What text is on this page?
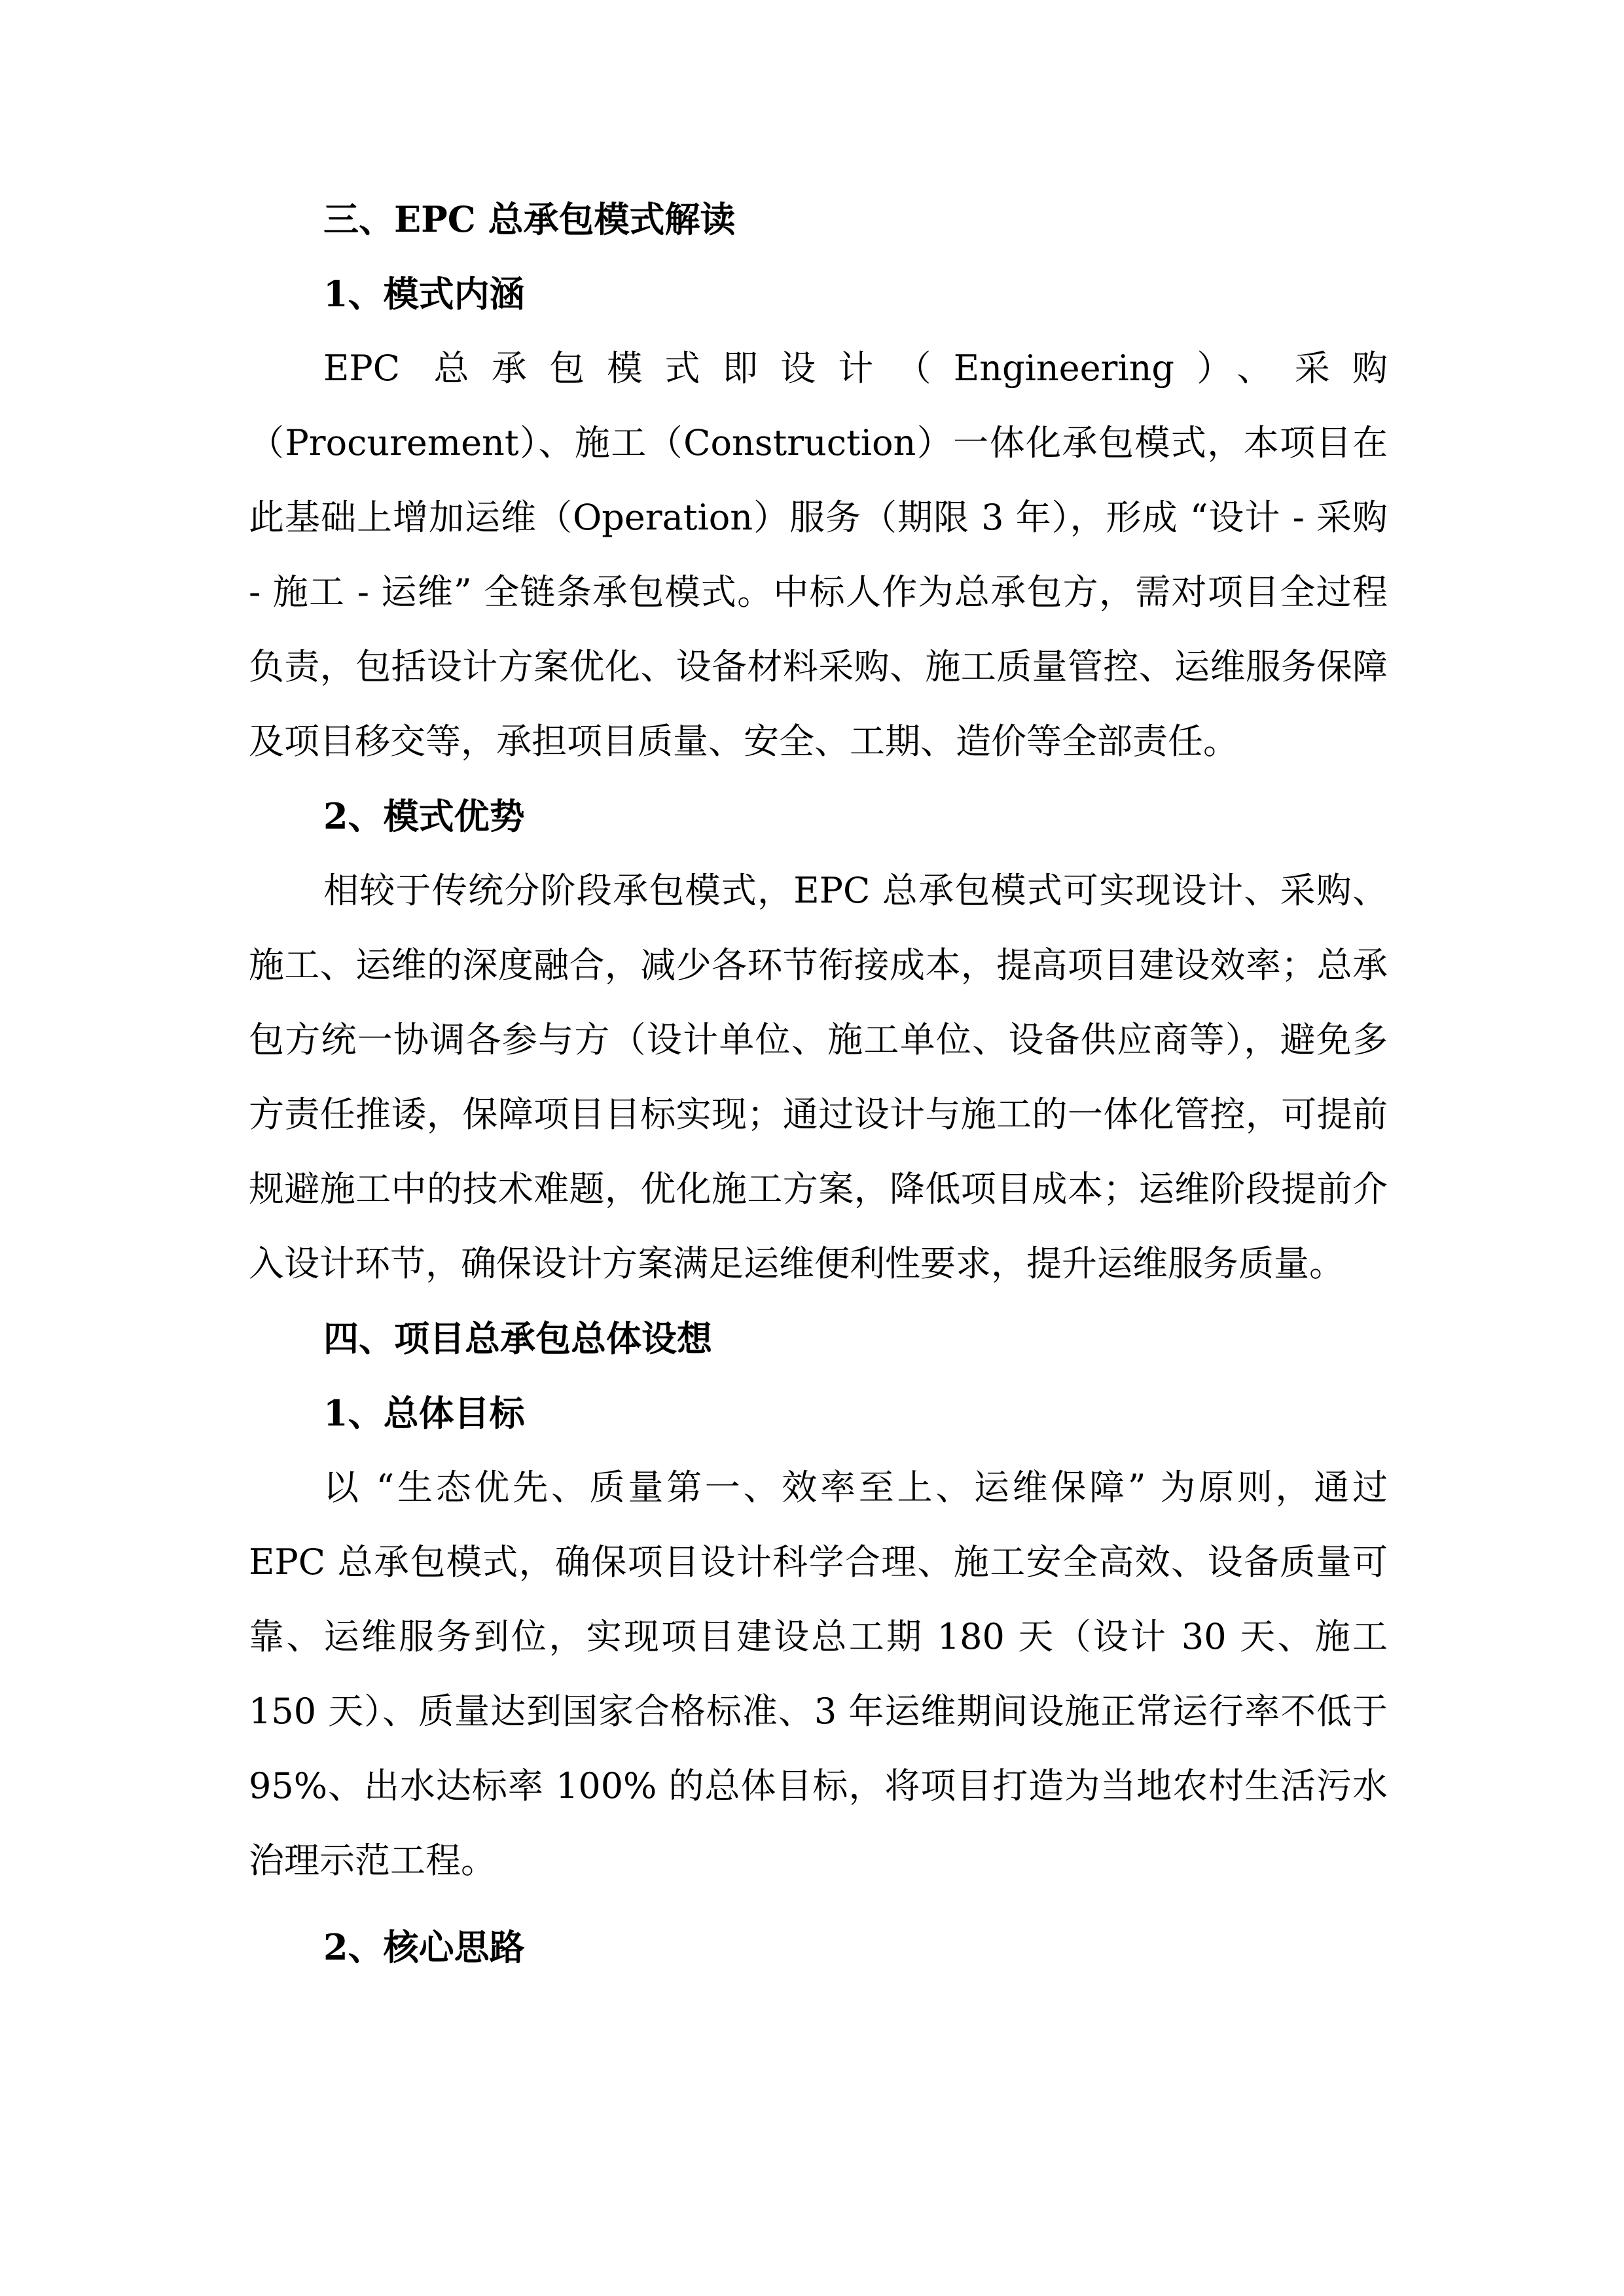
三、EPC 总承包模式解读
1、模式内涵

EPC 总承包模式即设计（Engineering）、采购（Procurement）、施工（Construction）一体化承包模式，本项目在此基础上增加运维（Operation）服务（期限 3 年），形成 “设计 - 采购 - 施工 - 运维” 全链条承包模式。中标人作为总承包方，需对项目全过程负责，包括设计方案优化、设备材料采购、施工质量管控、运维服务保障及项目移交等，承担项目质量、安全、工期、造价等全部责任。

2、模式优势

相较于传统分阶段承包模式，EPC 总承包模式可实现设计、采购、施工、运维的深度融合，减少各环节衔接成本，提高项目建设效率；总承包方统一协调各参与方（设计单位、施工单位、设备供应商等），避免多方责任推诿，保障项目目标实现；通过设计与施工的一体化管控，可提前规避施工中的技术难题，优化施工方案，降低项目成本；运维阶段提前介入设计环节，确保设计方案满足运维便利性要求，提升运维服务质量。

四、项目总承包总体设想
1、总体目标

以 “生态优先、质量第一、效率至上、运维保障” 为原则，通过 EPC 总承包模式，确保项目设计科学合理、施工安全高效、设备质量可靠、运维服务到位，实现项目建设总工期 180 天（设计 30 天、施工 150 天）、质量达到国家合格标准、3 年运维期间设施正常运行率不低于 95%、出水达标率 100% 的总体目标，将项目打造为当地农村生活污水治理示范工程。

2、核心思路
